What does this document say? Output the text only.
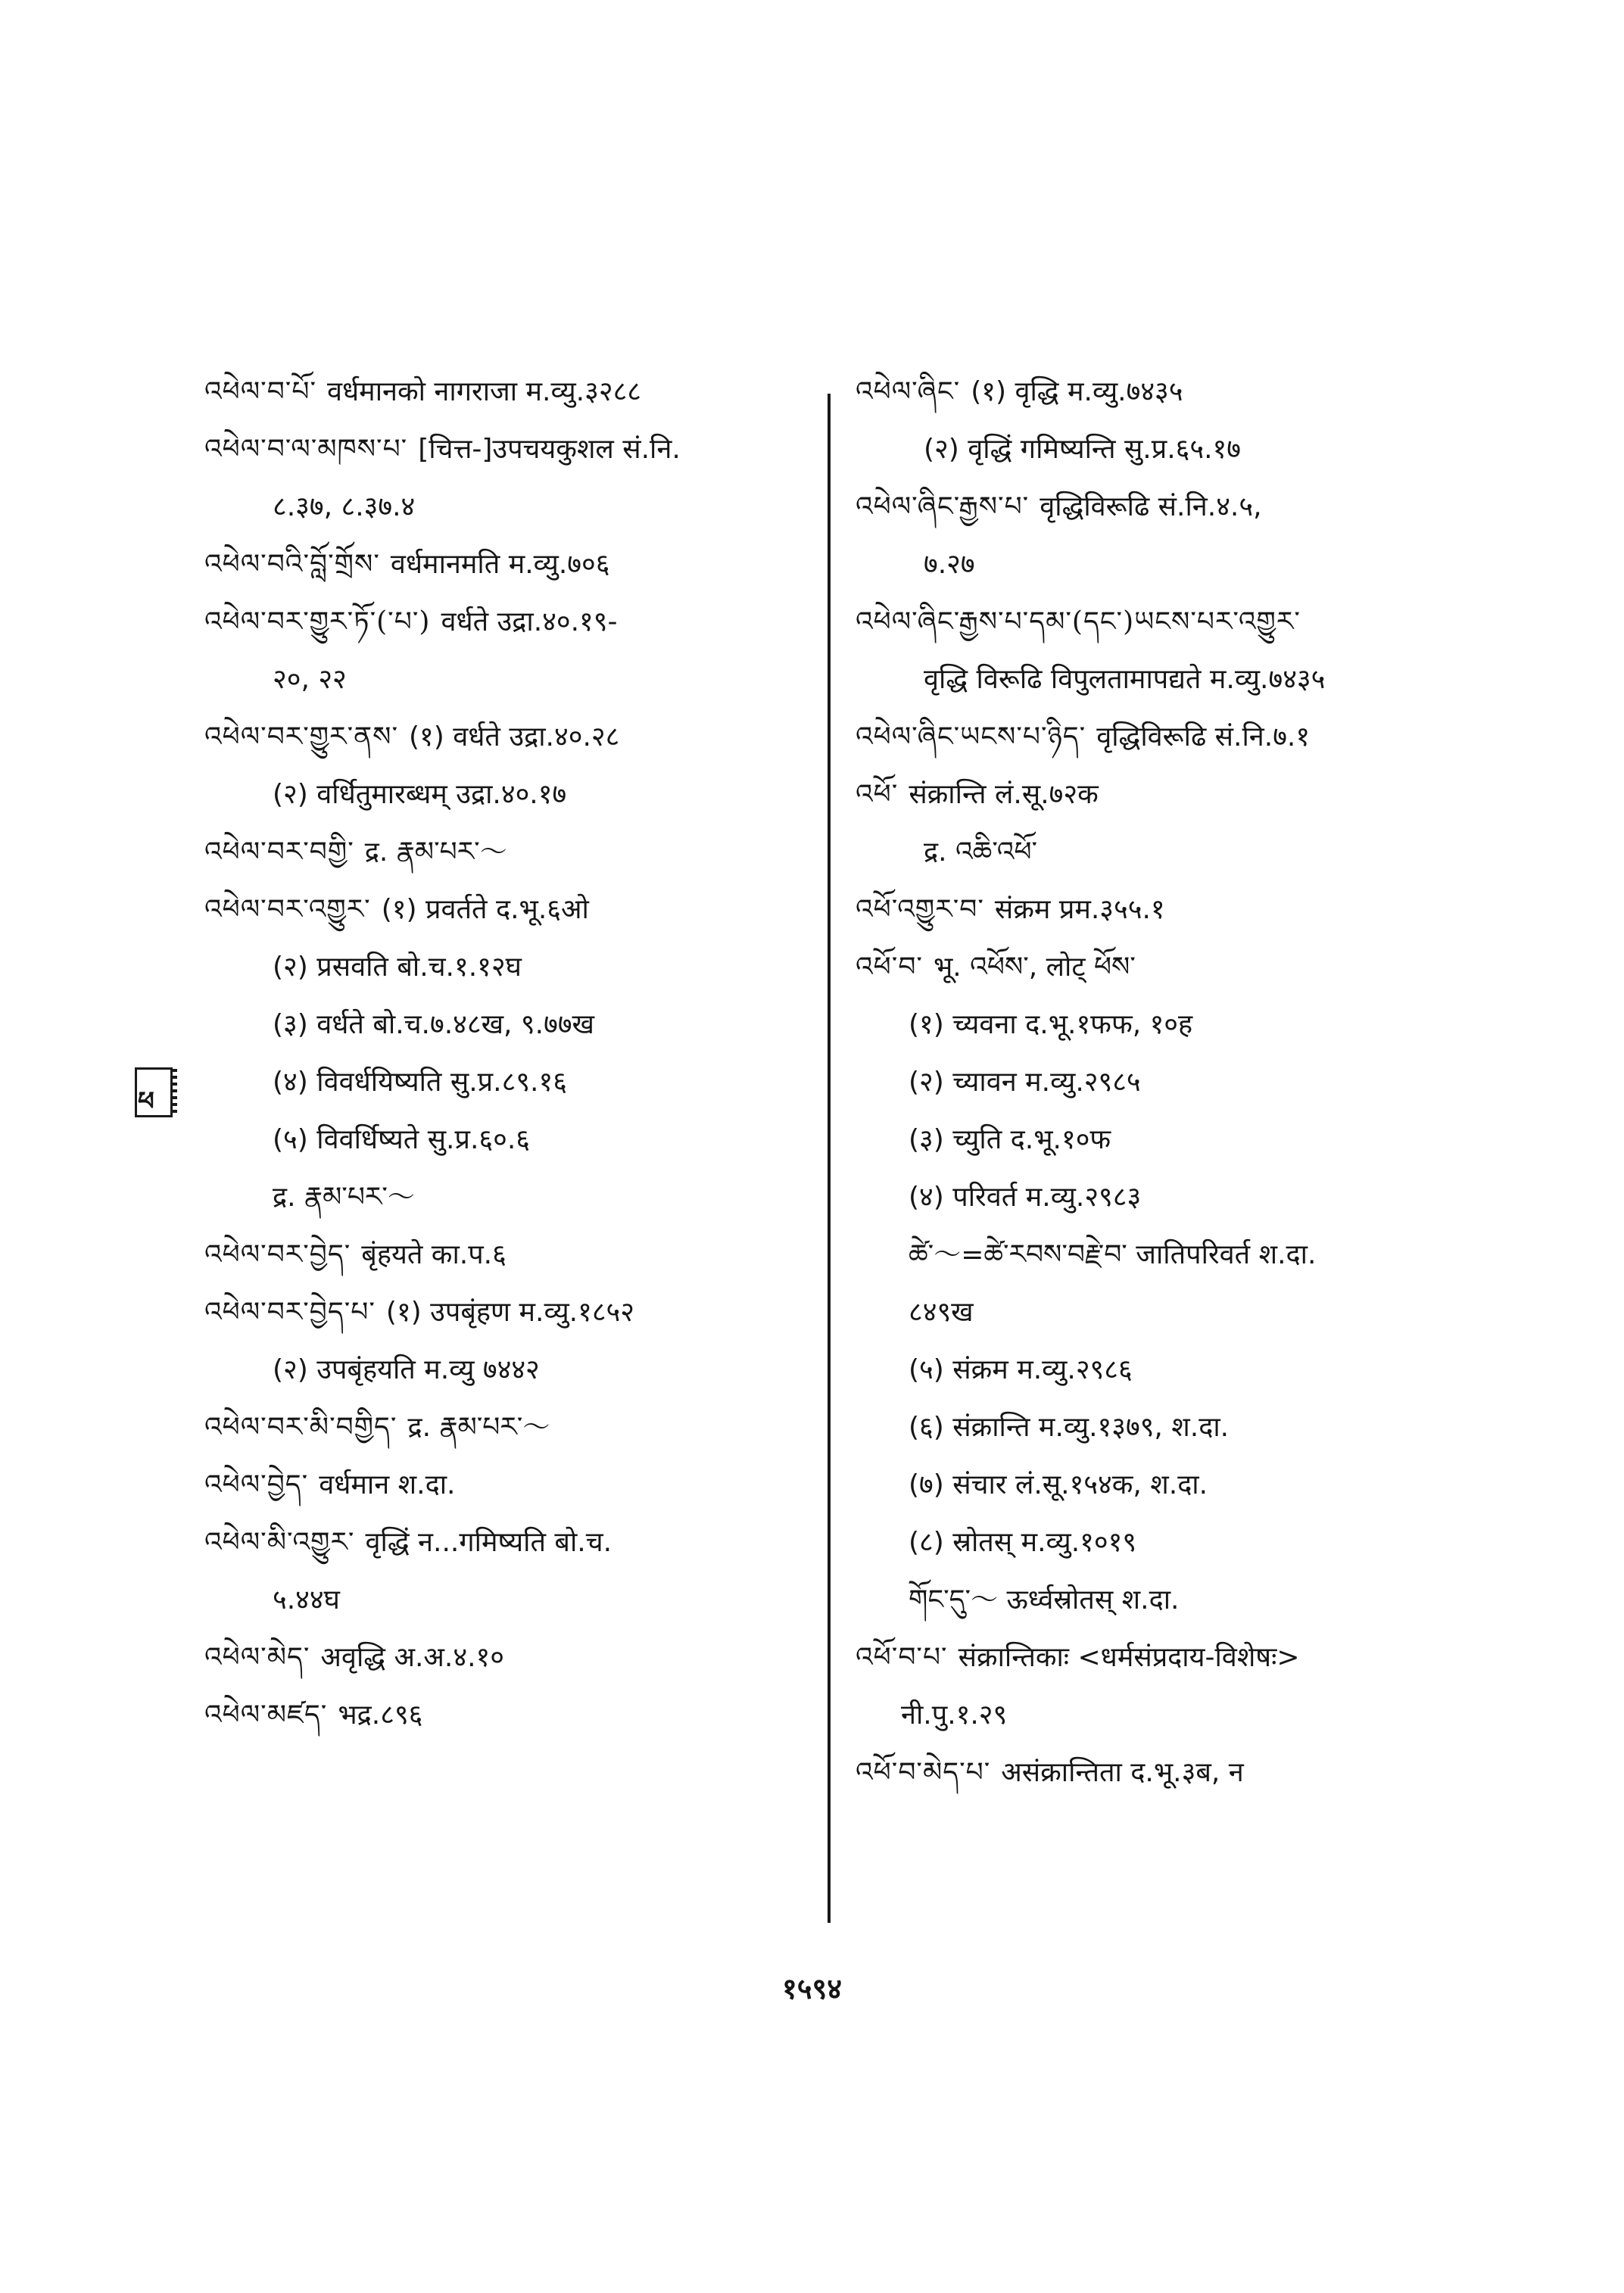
འཕེལ་བ་པོ་ वर्धमानको नागराजा म.व्यु.३२८८
འཕེལ་བ་ལ་མཁས་པ་ [चित्त-]उपचयकुशल सं.नि.
८.३७, ८.३७.४
འཕེལ་བའི་བློ་གྲོས་ वर्धमानमति म.व्यु.७०६
འཕེལ་བར་གྱུར་ཏོ་(་པ་) वर्धते उद्रा.४०.१९-
२०, २२
འཕེལ་བར་གྱུར་ནས་ (१) वर्धते उद्रा.४०.२८
(२) वर्धितुमारब्धम् उद्रा.४०.१७
འཕེལ་བར་བགྱི་ द्र. རྣམ་པར་～
འཕེལ་བར་འགྱུར་ (१) प्रवर्तते द.भू.६ओ
(२) प्रसवति बो.च.१.१२घ
(३) वर्धते बो.च.७.४८ख, ९.७७ख
(४) विवर्धयिष्यति सु.प्र.८९.१६
(५) विवर्धिष्यते सु.प्र.६०.६
द्र. རྣམ་པར་～
འཕེལ་བར་བྱེད་ बृंहयते का.प.६
འཕེལ་བར་བྱེད་པ་ (१) उपबृंहण म.व्यु.१८५२
(२) उपबृंहयति म.व्यु ७४४२
འཕེལ་བར་མི་བགྱིད་ द्र. རྣམ་པར་～
འཕེལ་བྱེད་ वर्धमान श.दा.
འཕེལ་མི་འགྱུར་ वृद्धिं न...गमिष्यति बो.च.
५.४४घ
འཕེལ་མེད་ अवृद्धि अ.अ.४.१०
འཕེལ་མཛད་ भद्र.८९६
འཕེལ་ཞིང་ (१) वृद्धि म.व्यु.७४३५
(२) वृद्धिं गमिष्यन्ति सु.प्र.६५.१७
འཕེལ་ཞིང་རྒྱས་པ་ वृद्धिविरूढि सं.नि.४.५,
७.२७
འཕེལ་ཞིང་རྒྱས་པ་དམ་(དང་)ཡངས་པར་འགྱུར་
वृद्धि विरूढि विपुलतामापद्यते म.व्यु.७४३५
འཕེལ་ཞིང་ཡངས་པ་ཉིད་ वृद्धिविरूढि सं.नि.७.१
འཕོ་ संक्रान्ति लं.सू.७२क
द्र. འཆི་འཕོ་
འཕོ་འགྱུར་བ་ संक्रम प्रम.३५५.१
འཕོ་བ་ भू. འཕོས་, लोट् ཕོས་
(१) च्यवना द.भू.१फफ, १०ह
(२) च्यावन म.व्यु.२९८५
(३) च्युति द.भू.१०फ
(४) परिवर्त म.व्यु.२९८३
ཚེ་～=ཚེ་རབས་བརྗེ་བ་ जातिपरिवर्त श.दा.
८४९ख
(५) संक्रम म.व्यु.२९८६
(६) संक्रान्ति म.व्यु.१३७९, श.दा.
(७) संचार लं.सू.१५४क, श.दा.
(८) स्रोतस् म.व्यु.१०१९
གོང་དུ་～ ऊर्ध्वस्रोतस् श.दा.
འཕོ་བ་པ་ संक्रान्तिकाः <धर्मसंप्रदाय-विशेषः>
नी.पु.१.२९
འཕོ་བ་མེད་པ་ असंक्रान्तिता द.भू.३ब, न
ཕ
१५९४
